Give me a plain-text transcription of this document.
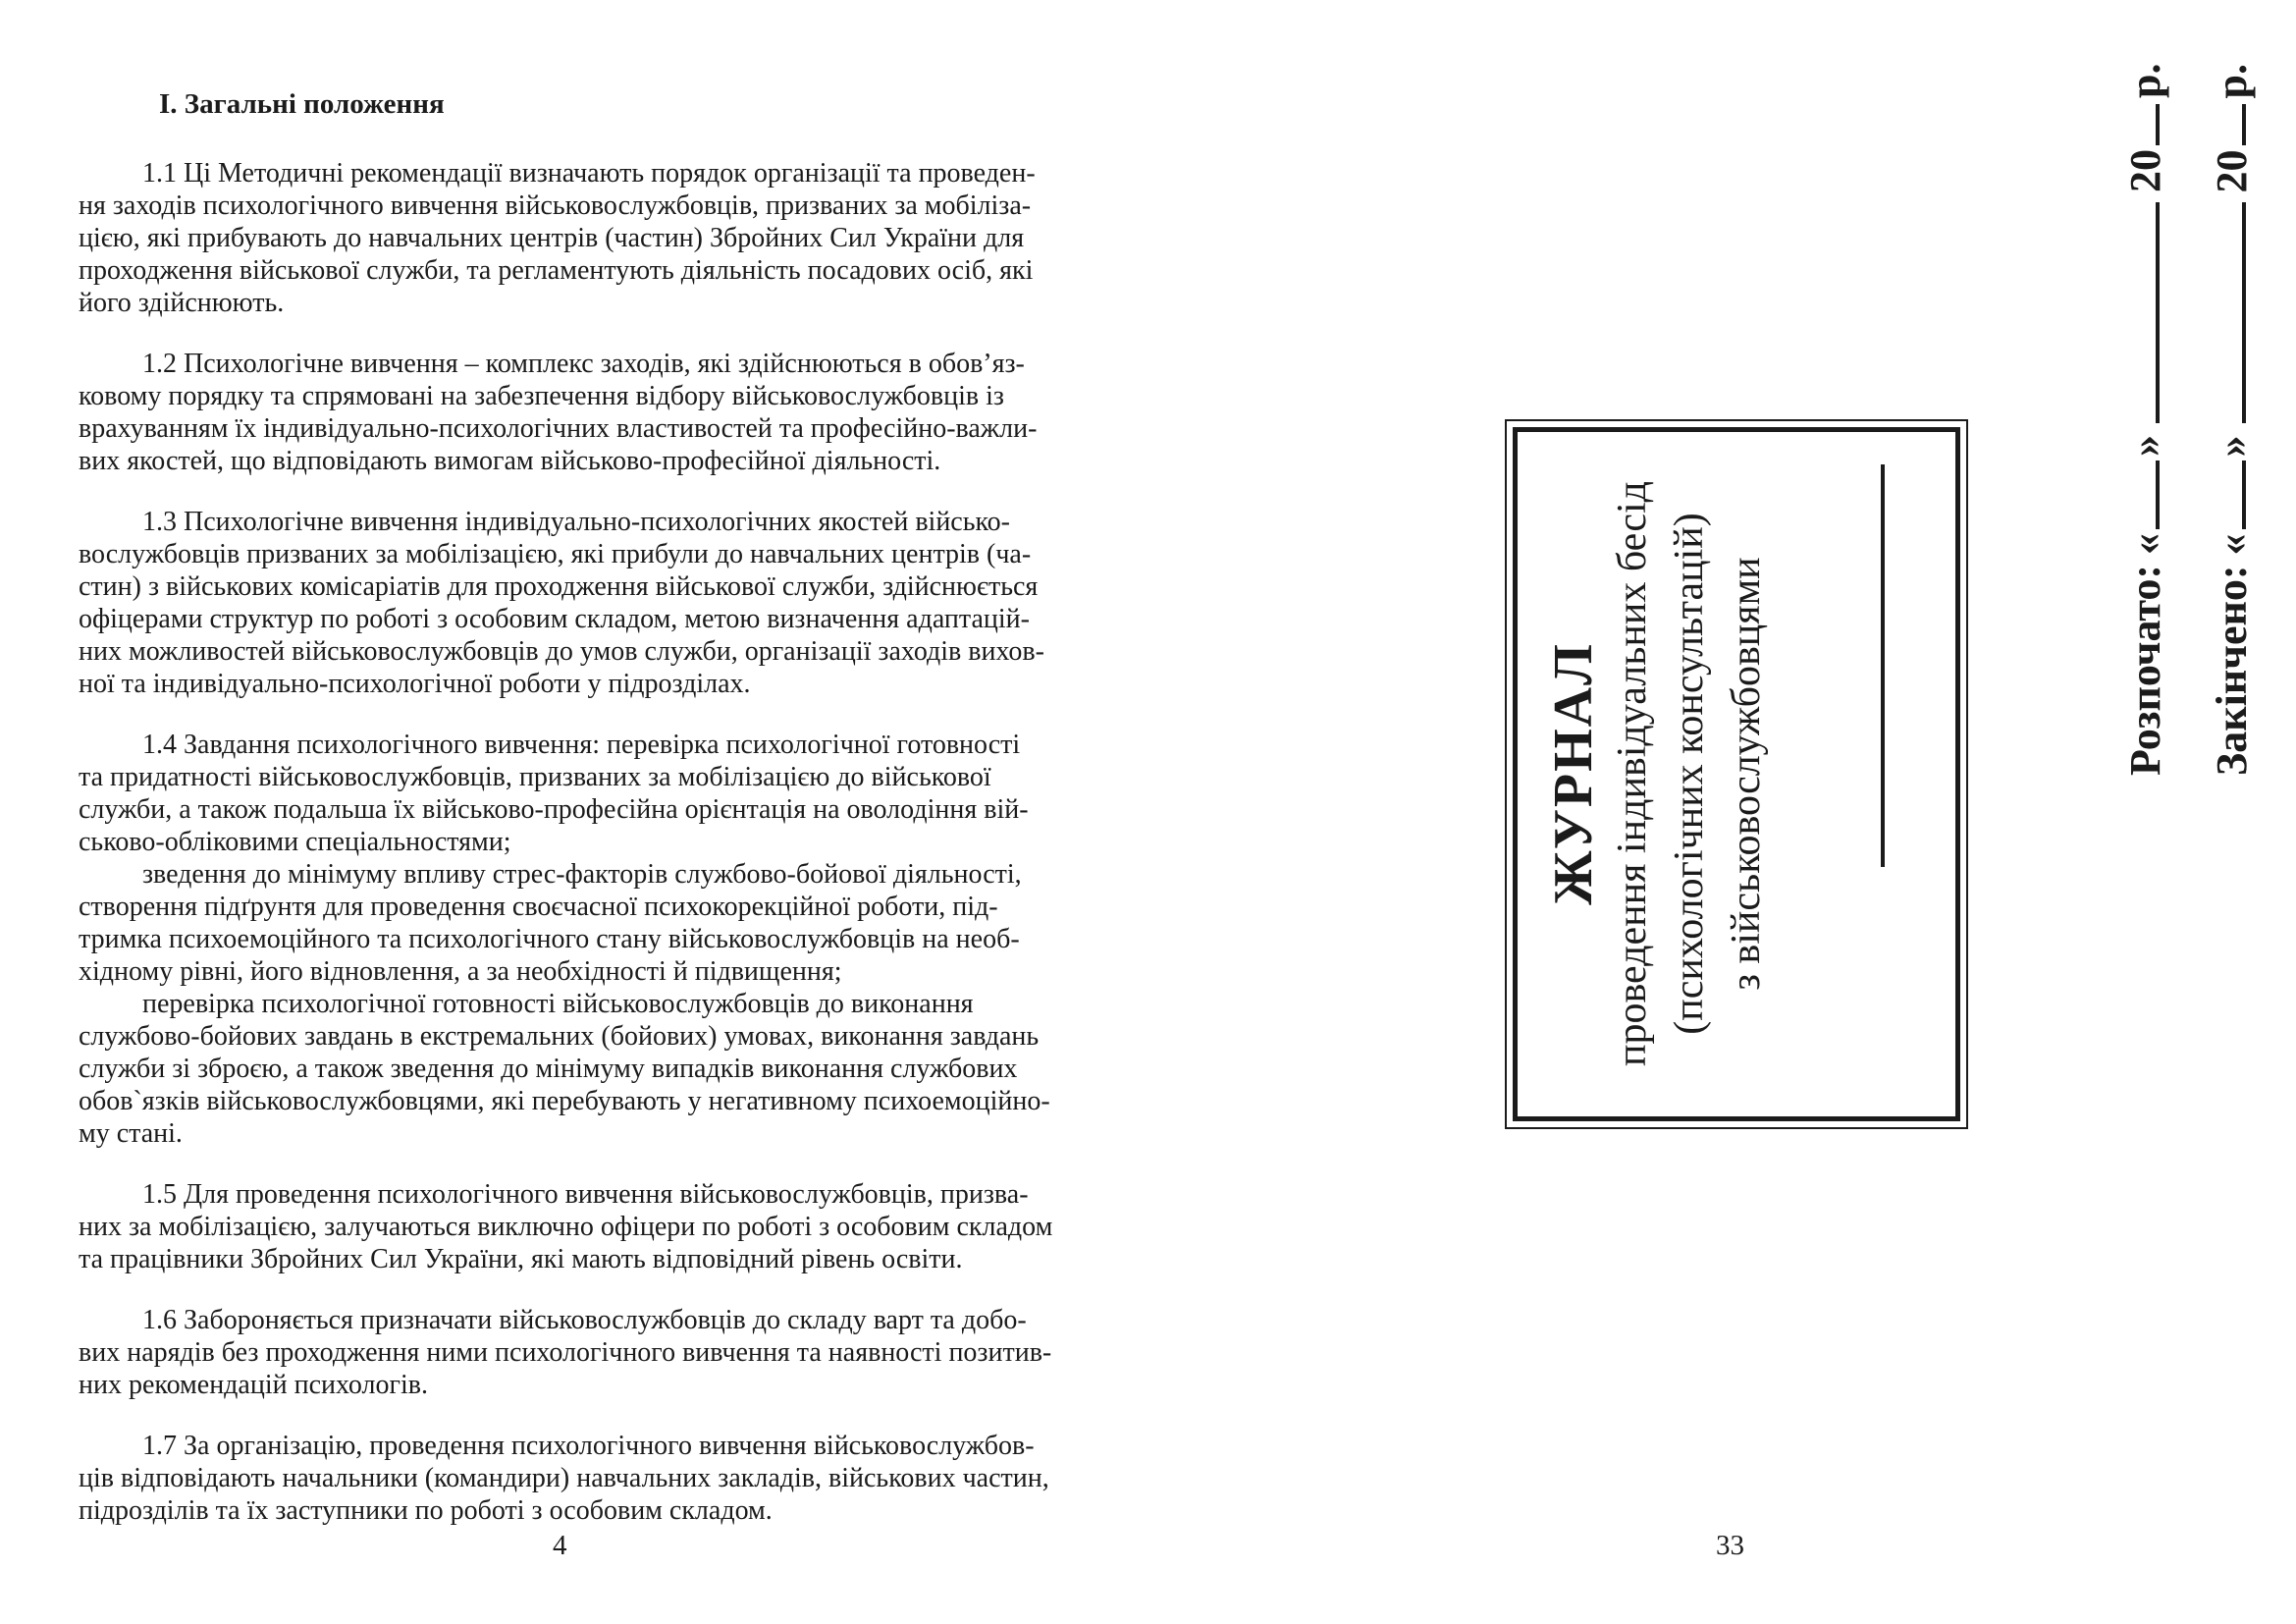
І. Загальні положення
1.1 Ці Методичні рекомендації визначають порядок організації та проведен-
ня заходів психологічного вивчення військовослужбовців, призваних за мобіліза-
цією, які прибувають до навчальних центрів (частин) Збройних Сил України для
проходження військової служби, та регламентують діяльність посадових осіб, які
його здійснюють.
1.2 Психологічне вивчення – комплекс заходів, які здійснюються в обов’яз-
ковому порядку та спрямовані на забезпечення відбору військовослужбовців із
врахуванням їх індивідуально-психологічних властивостей та професійно-важли-
вих якостей, що відповідають вимогам військово-професійної діяльності.
1.3 Психологічне вивчення індивідуально-психологічних якостей військо-
вослужбовців призваних за мобілізацією, які прибули до навчальних центрів (ча-
стин) з військових комісаріатів для проходження військової служби, здійснюється
офіцерами структур по роботі з особовим складом, метою визначення адаптацій-
них можливостей військовослужбовців до умов служби, організації заходів вихов-
ної та індивідуально-психологічної роботи у підрозділах.
1.4 Завдання психологічного вивчення: перевірка психологічної готовності
та придатності військовослужбовців, призваних за мобілізацією до військової
служби, а також подальша їх військово-професійна орієнтація на оволодіння вій-
ськово-обліковими спеціальностями;
зведення до мінімуму впливу стрес-факторів службово-бойової діяльності,
створення підґрунтя для проведення своєчасної психокорекційної роботи, під-
тримка психоемоційного та психологічного стану військовослужбовців на необ-
хідному рівні, його відновлення, а за необхідності й підвищення;
перевірка психологічної готовності військовослужбовців до виконання
службово-бойових завдань в екстремальних (бойових) умовах, виконання завдань
служби зі зброєю, а також зведення до мінімуму випадків виконання службових
обов`язків військовослужбовцями, які перебувають у негативному психоемоційно-
му стані.
1.5 Для проведення психологічного вивчення військовослужбовців, призва-
них за мобілізацією, залучаються виключно офіцери по роботі з особовим складом
та працівники Збройних Сил України, які мають відповідний рівень освіти.
1.6 Забороняється призначати військовослужбовців до складу варт та добо-
вих нарядів без проходження ними психологічного вивчення та наявності позитив-
них рекомендацій психологів.
1.7 За організацію, проведення психологічного вивчення військовослужбов-
ців відповідають начальники (командири) навчальних закладів, військових частин,
підрозділів та їх заступники по роботі з особовим складом.
4
ЖУРНАЛ проведення індивідуальних бесід (психологічних консультацій) з військовослужбовцями	Розпочато:«»20р.
Закінчено:«»20р.
33
